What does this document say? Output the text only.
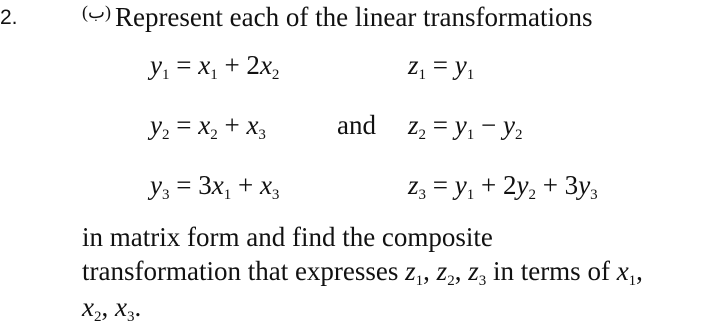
2.	(ب) Represent each of the linear transformations
$y_1 = x_1 + 2x_2$
$y_2 = x_2 + x_3$
$y_3 = 3x_1 + x_3$
and
$z_1 = y_1$
$z_2 = y_1 - y_2$
$z_3 = y_1 + 2y_2 + 3y_3$
in matrix form and find the composite
transformation that expresses $z_1$, $z_2$, $z_3$ in terms of $x_1$,
$x_2$, $x_3$.
